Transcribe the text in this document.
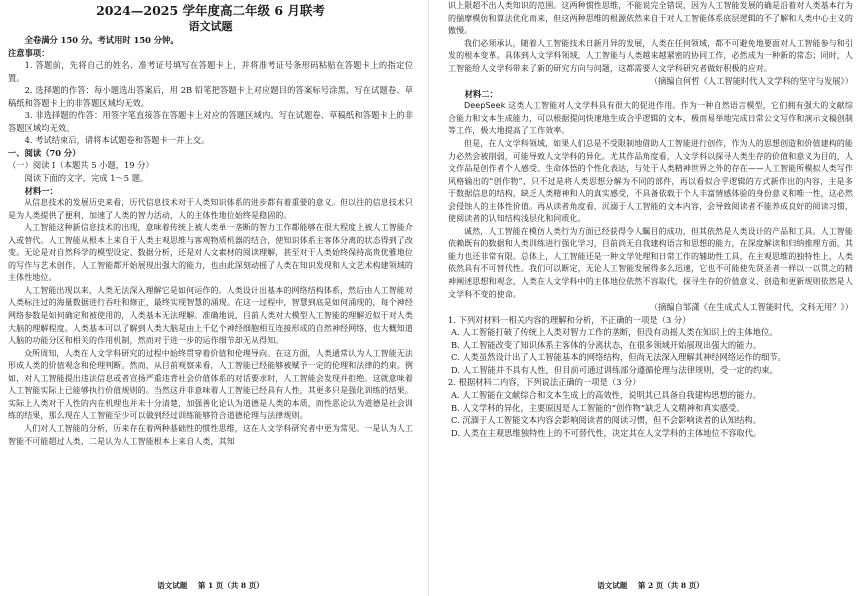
2024—2025 学年度高二年级 6 月联考
语文试题

全卷满分 150 分。考试用时 150 分钟。

注意事项：

1. 答题前，先将自己的姓名、准考证号填写在答题卡上，并将准考证号条形码粘贴在答题卡上的指定位置。

2. 选择题的作答：每小题选出答案后，用 2B 铅笔把答题卡上对应题目的答案标号涂黑，写在试题卷、草稿纸和答题卡上的非答题区域均无效。

3. 非选择题的作答：用签字笔直接答在答题卡上对应的答题区域内。写在试题卷、草稿纸和答题卡上的非答题区域均无效。

4. 考试结束后，请将本试题卷和答题卡一并上交。

一、阅读（70 分）

（一）阅读 I（本题共 5 小题，19 分）

阅读下面的文字，完成 1～5 题。

材料一：

从信息技术的发展历史来看，历代信息技术对于人类知识体系的进步都有着重要的意义。但以往的信息技术只是为人类提供了便利，加速了人类的智力活动，人的主体性地位始终是稳固的。

人工智能这种新信息技术的出现，意味着传统上被人类单一垄断的智力工作都能够在很大程度上被人工智能介入或替代。人工智能从根本上来自于人类主观思维与客观物质机器的结合，使知识体系主客体分离的状态得到了改变。无论是对自然科学的模型设定、数据分析，还是对人文素材的阅读理解，甚至对于人类始终保持高贵优雅地位的写作与艺术创作，人工智能都开始展现出强大的能力，也由此深刻动摇了人类在知识发现和人文艺术构建领域的主体性地位。

人工智能出现以来，人类无法深入理解它是如何运作的。人类设计出基本的网络结构体系，然后由人工智能对人类标注过的海量数据进行吞吐和修正，最终实现智慧的涌现。在这一过程中，智慧到底是如何涌现的，每个神经网络参数是如何确定和被使用的，人类基本无法理解。准确地说，目前人类对大模型人工智能的理解近似于对人类大脑的理解程度。人类基本可以了解到人类大脑是由上千亿个神经细胞相互连接形成的自然神经网络，也大概知道人脑的功能分区和相关的作用机制，然而对于进一步的运作细节却无从得知。

众所周知，人类在人文学科研究的过程中始终贯穿着价值和伦理导向。在这方面，人类通常认为人工智能无法形成人类的价值观念和伦理判断。然而，从目前观察来看，人工智能已经能够被赋予一定的伦理和法律的约束。例如，对人工智能提出违法信息或者宣扬严重违背社会价值体系的对话要求时，人工智能会发现并拒绝。这就意味着人工智能实际上已能够执行价值规则的。当然这并非意味着人工智能已经具有人性，其更多只是强化训练的结果。实际上人类对于人性的内在机理也并未十分清楚，加强善化论认为道德是人类的本质，而性恶论认为道德是社会训练的结果，那么现在人工智能至少可以做到经过训练能够符合道德伦理与法律规则。

人们对人工智能的分析，历来存在着两种基础性的惯性思维，这在人文学科研究者中更为常见。一是认为人工智能不可能超过人类，二是认为人工智能根本上来自人类，其知

语文试题 第 1 页（共 8 页）

识上限超不出人类知识的范围。这两种惯性思维，不能说完全错误，因为人工智能发展的确是沿着对人类基本行为的揣摩模仿和算法优化而来，但这两种思维的根源依然来自于对人工智能体系底层逻辑的不了解和人类中心主义的傲慢。

我们必须承认，随着人工智能技术日新月异的发展，人类在任何领域，都不可避免地要面对人工智能参与和引发的根本变革。具体到人文学科领域，人工智能与人类越来越紧密的协同工作，必然成为一种新的常态；同时，人工智能给人文学科带来了新的研究方向与问题，这都需要人文学科研究者做好积极的应对。

（摘编自何哲《人工智能时代人文学科的坚守与发展》）

材料二：

DeepSeek 这类人工智能对人文学科具有很大的促进作用。作为一种自然语言模型，它们拥有强大的文献综合能力和文本生成能力，可以根据提问快速地生成合乎逻辑的文本，极而易举地完成日常公文写作和演示文稿创制等工作，极大地提高了工作效率。

但是，在人文学科领域，如果人们总是不受限制地借助人工智能进行创作，作为人的思想创造和价值建构的能力必然会被削弱，可能导致人文学科的异化。尤其作品角度看，人文学科以探寻人类生存的价值和意义为目的，人文作品是创作者个人感受、生命体悟的个性化表达，与处于人类精神世界之外的存在——人工智能所模拟人类写作风格输出的“创作物”，只不过是将人类思想分解为不同的部件，再以看似合乎逻辑的方式新作出的内容，主是多于数据信息的结构，缺乏人类精神和人的真实感受，不具备依载于个人丰富情感体验的身份意义和唯一性，这必然会侵蚀人的主体性价值。再从读者角度看，沉溺于人工智能的文本内容，会导致阅读者不能养成良好的阅读习惯，使阅读者的认知结构浅层化和同质化。

诚然，人工智能在模仿人类行为方面已经获得令人瞩目的成功，但其依然是人类设计的产品和工具。人工智能依赖既有的数据和人类训练进行强化学习，目前尚无自我建构语言和思想的能力，在深度解读和归纳推理方面，其能力也还非常有限。总体上，人工智能还是一种文学处理和日常工作的辅助性工具，在主观思维的独特性上，人类依然具有不可替代性。我们可以断定，无论人工智能发展得多么迅速，它也不可能使先贤圣者一样以一以贯之的精神阐述思想和观念，人类在人文学科中的主体地位依然不容取代，探寻生存的价值意义、创造和更新规则依然是人文学科不变的使命。

（摘编自邹潇《在生成式人工智能时代，文科无用？》）

1. 下列对材料一相关内容的理解和分析，不正确的一项是（3 分）

A. 人工智能打破了传统上人类对智力工作的垄断，但没有动摇人类在知识上的主体地位。

B. 人工智能改变了知识体系主客体的分离状态，在很多领域开始展现出强大的能力。

C. 人类虽然设计出了人工智能基本的网络结构，但尚无法深入理解其神经网络运作的细节。

D. 人工智能并不具有人性，但目前可通过训练部分遵循伦理与法律规则，受一定的约束。

2. 根据材料二内容，下列说法正确的一项是（3 分）

A. 人工智能在文献综合和文本生成上的高效性，说明其已具备自我建构思想的能力。

B. 人文学科的异化，主要原因是人工智能的“创作物”缺乏人文精神和真实感受。

C. 沉湎于人工智能文本内容会影响阅读者的阅读习惯，但不会影响读者的认知结构。

D. 人类在主观思维独特性上的不可替代性，决定其在人文学科的主体地位不容取代。

语文试题 第 2 页（共 8 页）
